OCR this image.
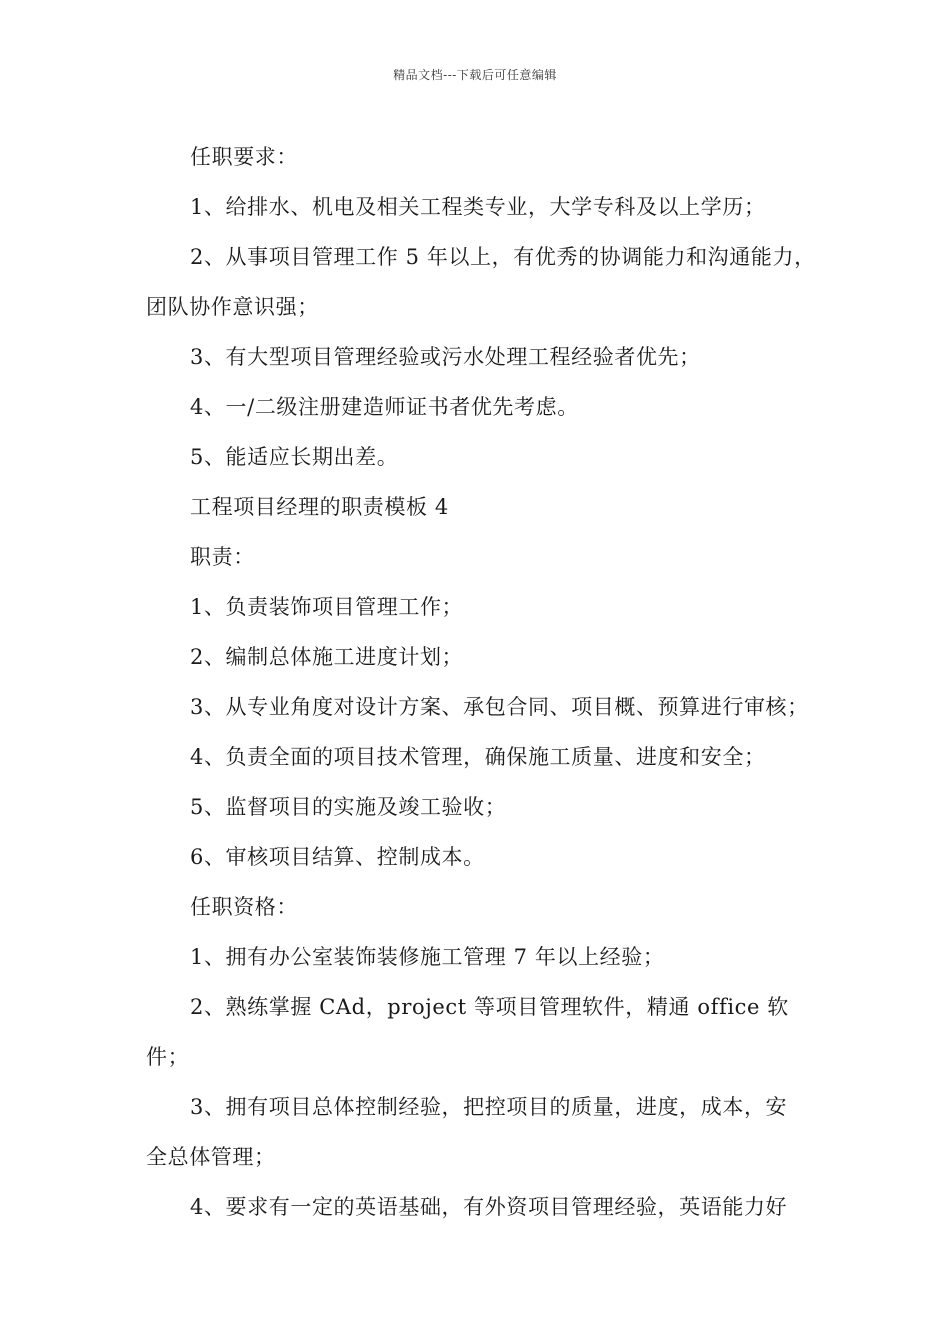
精品文档---下载后可任意编辑
任职要求：
1、给排水、机电及相关工程类专业，大学专科及以上学历；
2、从事项目管理工作 5 年以上，有优秀的协调能力和沟通能力，
团队协作意识强；
3、有大型项目管理经验或污水处理工程经验者优先；
4、一/二级注册建造师证书者优先考虑。
5、能适应长期出差。
工程项目经理的职责模板 4
职责：
1、负责装饰项目管理工作；
2、编制总体施工进度计划；
3、从专业角度对设计方案、承包合同、项目概、预算进行审核；
4、负责全面的项目技术管理，确保施工质量、进度和安全；
5、监督项目的实施及竣工验收；
6、审核项目结算、控制成本。
任职资格：
1、拥有办公室装饰装修施工管理 7 年以上经验；
2、熟练掌握 CAd，project 等项目管理软件，精通 office 软
件；
3、拥有项目总体控制经验，把控项目的质量，进度，成本，安
全总体管理；
4、要求有一定的英语基础，有外资项目管理经验，英语能力好
